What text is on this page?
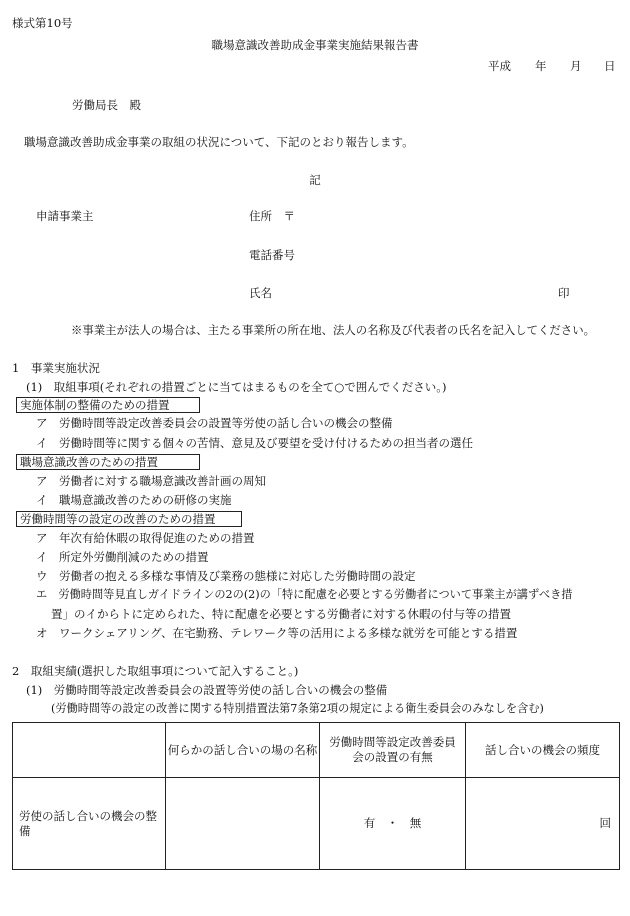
様式第10号
職場意識改善助成金事業実施結果報告書
平成 年 月 日
労働局長　殿
職場意識改善助成金事業の取組の状況について、下記のとおり報告します。
記
申請事業主	住所　〒
電話番号
氏名	印
※事業主が法人の場合は、主たる事業所の所在地、法人の名称及び代表者の氏名を記入してください。
1　事業実施状況
(1)　取組事項(それぞれの措置ごとに当てはまるものを全て○で囲んでください。)
実施体制の整備のための措置
ア　労働時間等設定改善委員会の設置等労使の話し合いの機会の整備
イ　労働時間等に関する個々の苦情、意見及び要望を受け付けるための担当者の選任
職場意識改善のための措置
ア　労働者に対する職場意識改善計画の周知
イ　職場意識改善のための研修の実施
労働時間等の設定の改善のための措置
ア　年次有給休暇の取得促進のための措置
イ　所定外労働削減のための措置
ウ　労働者の抱える多様な事情及び業務の態様に対応した労働時間の設定
エ　労働時間等見直しガイドラインの2の(2)の「特に配慮を必要とする労働者について事業主が講ずべき措
置」のイからトに定められた、特に配慮を必要とする労働者に対する休暇の付与等の措置
オ　ワークシェアリング、在宅勤務、テレワーク等の活用による多様な就労を可能とする措置
2　取組実績(選択した取組事項について記入すること。)
(1)　労働時間等設定改善委員会の設置等労使の話し合いの機会の整備
(労働時間等の設定の改善に関する特別措置法第7条第2項の規定による衛生委員会のみなしを含む)
	何らかの話し合いの場の名称	労働時間等設定改善委員会の設置の有無	話し合いの機会の頻度
労使の話し合いの機会の整備		有　・　無	回
